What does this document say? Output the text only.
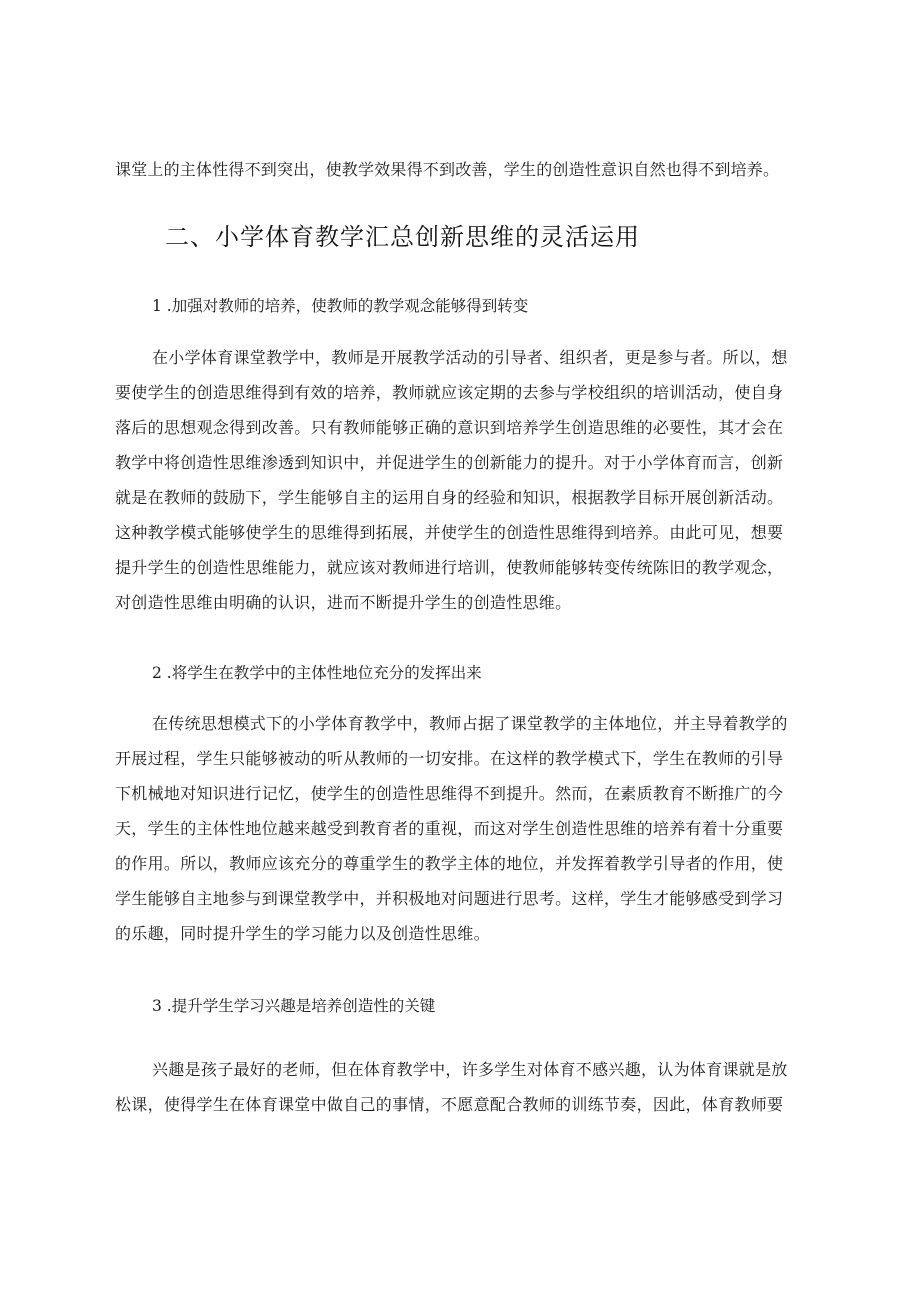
课堂上的主体性得不到突出，使教学效果得不到改善，学生的创造性意识自然也得不到培养。
二、小学体育教学汇总创新思维的灵活运用
1 .加强对教师的培养，使教师的教学观念能够得到转变
在小学体育课堂教学中，教师是开展教学活动的引导者、组织者，更是参与者。所以，想
要使学生的创造思维得到有效的培养，教师就应该定期的去参与学校组织的培训活动，使自身
落后的思想观念得到改善。只有教师能够正确的意识到培养学生创造思维的必要性，其才会在
教学中将创造性思维渗透到知识中，并促进学生的创新能力的提升。对于小学体育而言，创新
就是在教师的鼓励下，学生能够自主的运用自身的经验和知识，根据教学目标开展创新活动。
这种教学模式能够使学生的思维得到拓展，并使学生的创造性思维得到培养。由此可见，想要
提升学生的创造性思维能力，就应该对教师进行培训，使教师能够转变传统陈旧的教学观念，
对创造性思维由明确的认识，进而不断提升学生的创造性思维。
2 .将学生在教学中的主体性地位充分的发挥出来
在传统思想模式下的小学体育教学中，教师占据了课堂教学的主体地位，并主导着教学的
开展过程，学生只能够被动的听从教师的一切安排。在这样的教学模式下，学生在教师的引导
下机械地对知识进行记忆，使学生的创造性思维得不到提升。然而，在素质教育不断推广的今
天，学生的主体性地位越来越受到教育者的重视，而这对学生创造性思维的培养有着十分重要
的作用。所以，教师应该充分的尊重学生的教学主体的地位，并发挥着教学引导者的作用，使
学生能够自主地参与到课堂教学中，并积极地对问题进行思考。这样，学生才能够感受到学习
的乐趣，同时提升学生的学习能力以及创造性思维。
3 .提升学生学习兴趣是培养创造性的关键
兴趣是孩子最好的老师，但在体育教学中，许多学生对体育不感兴趣，认为体育课就是放
松课，使得学生在体育课堂中做自己的事情，不愿意配合教师的训练节奏，因此，体育教师要
